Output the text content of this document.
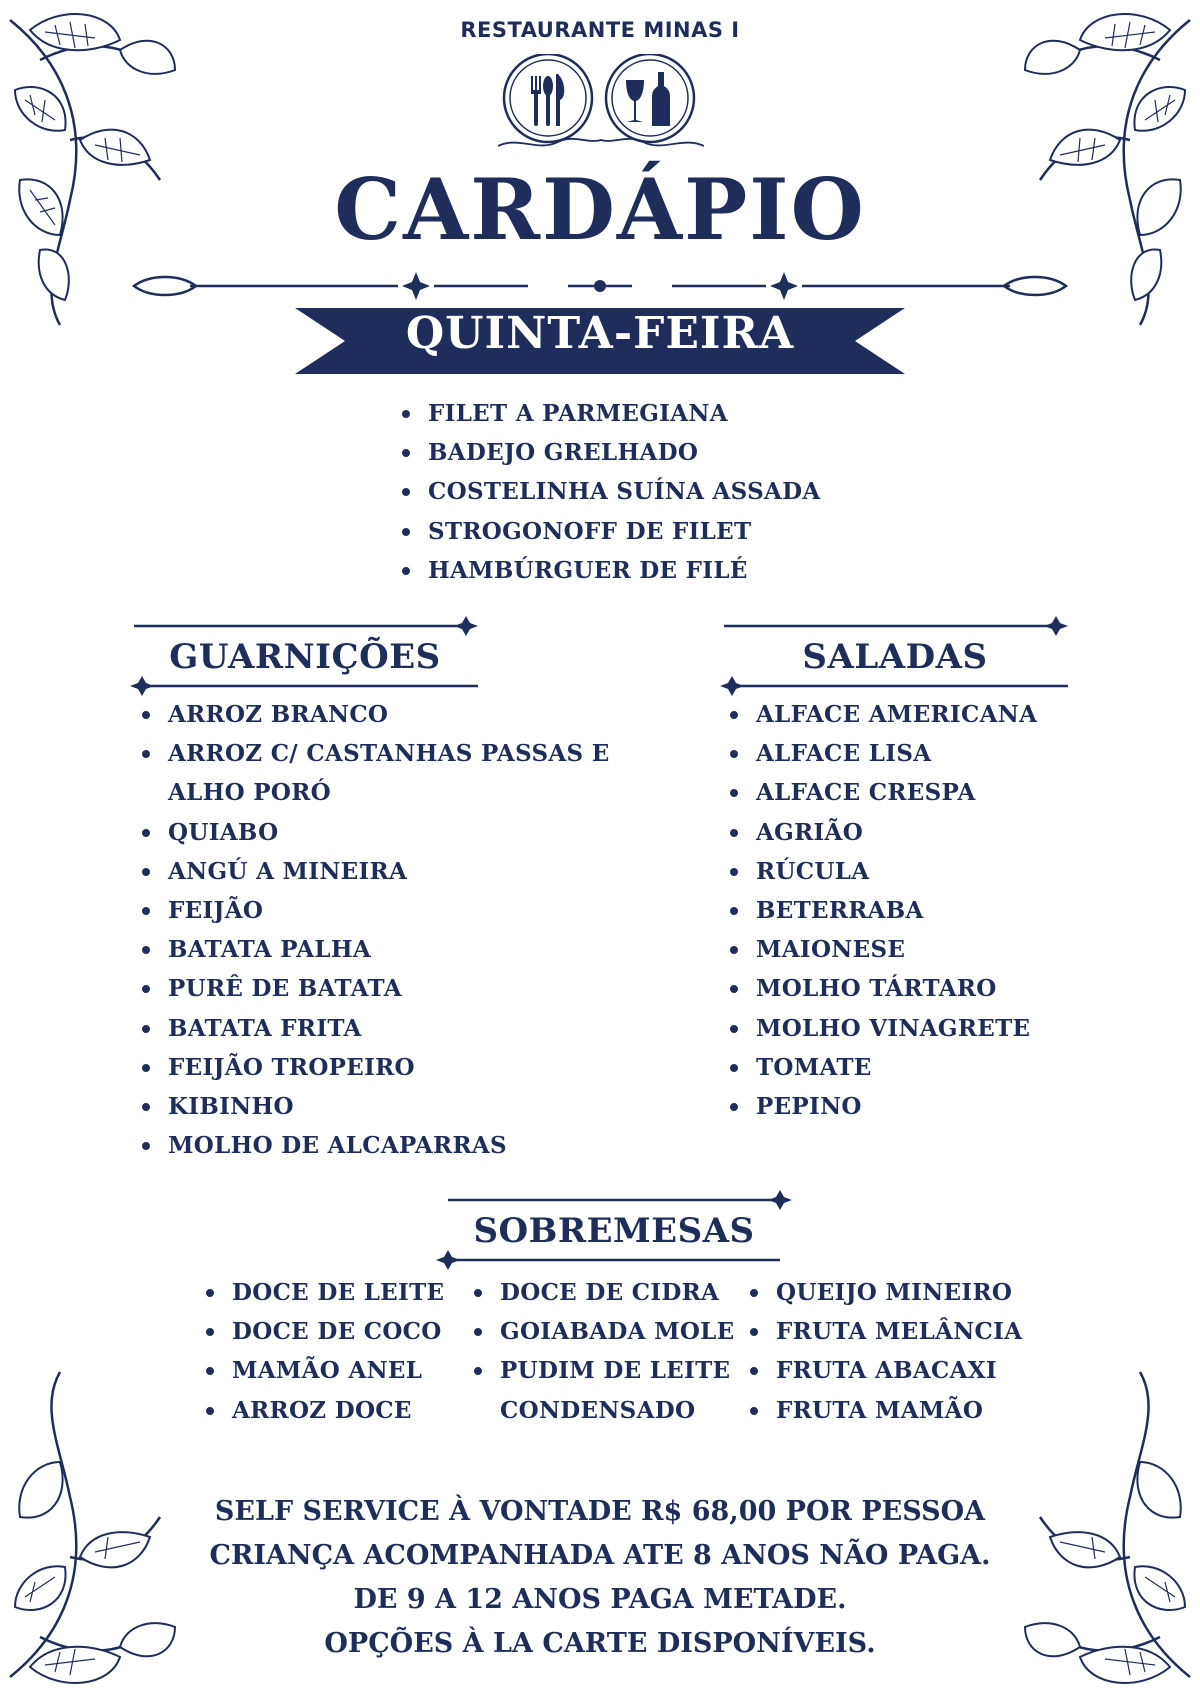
RESTAURANTE MINAS I
CARDÁPIO
QUINTA-FEIRA
FILET A PARMEGIANA
BADEJO GRELHADO
COSTELINHA SUÍNA ASSADA
STROGONOFF DE FILET
HAMBÚRGUER DE FILÉ
GUARNIÇÕES
ARROZ BRANCO
ARROZ C/ CASTANHAS PASSAS E
ALHO PORÓ
QUIABO
ANGÚ A MINEIRA
FEIJÃO
BATATA PALHA
PURÊ DE BATATA
BATATA FRITA
FEIJÃO TROPEIRO
KIBINHO
MOLHO DE ALCAPARRAS
SALADAS
ALFACE AMERICANA
ALFACE LISA
ALFACE CRESPA
AGRIÃO
RÚCULA
BETERRABA
MAIONESE
MOLHO TÁRTARO
MOLHO VINAGRETE
TOMATE
PEPINO
SOBREMESAS
DOCE DE LEITE
DOCE DE COCO
MAMÃO ANEL
ARROZ DOCE
DOCE DE CIDRA
GOIABADA MOLE
PUDIM DE LEITE
CONDENSADO
QUEIJO MINEIRO
FRUTA MELÂNCIA
FRUTA ABACAXI
FRUTA MAMÃO
SELF SERVICE À VONTADE R$ 68,00 POR PESSOA
CRIANÇA ACOMPANHADA ATE 8 ANOS NÃO PAGA.
DE 9 A 12 ANOS PAGA METADE.
OPÇÕES À LA CARTE DISPONÍVEIS.
